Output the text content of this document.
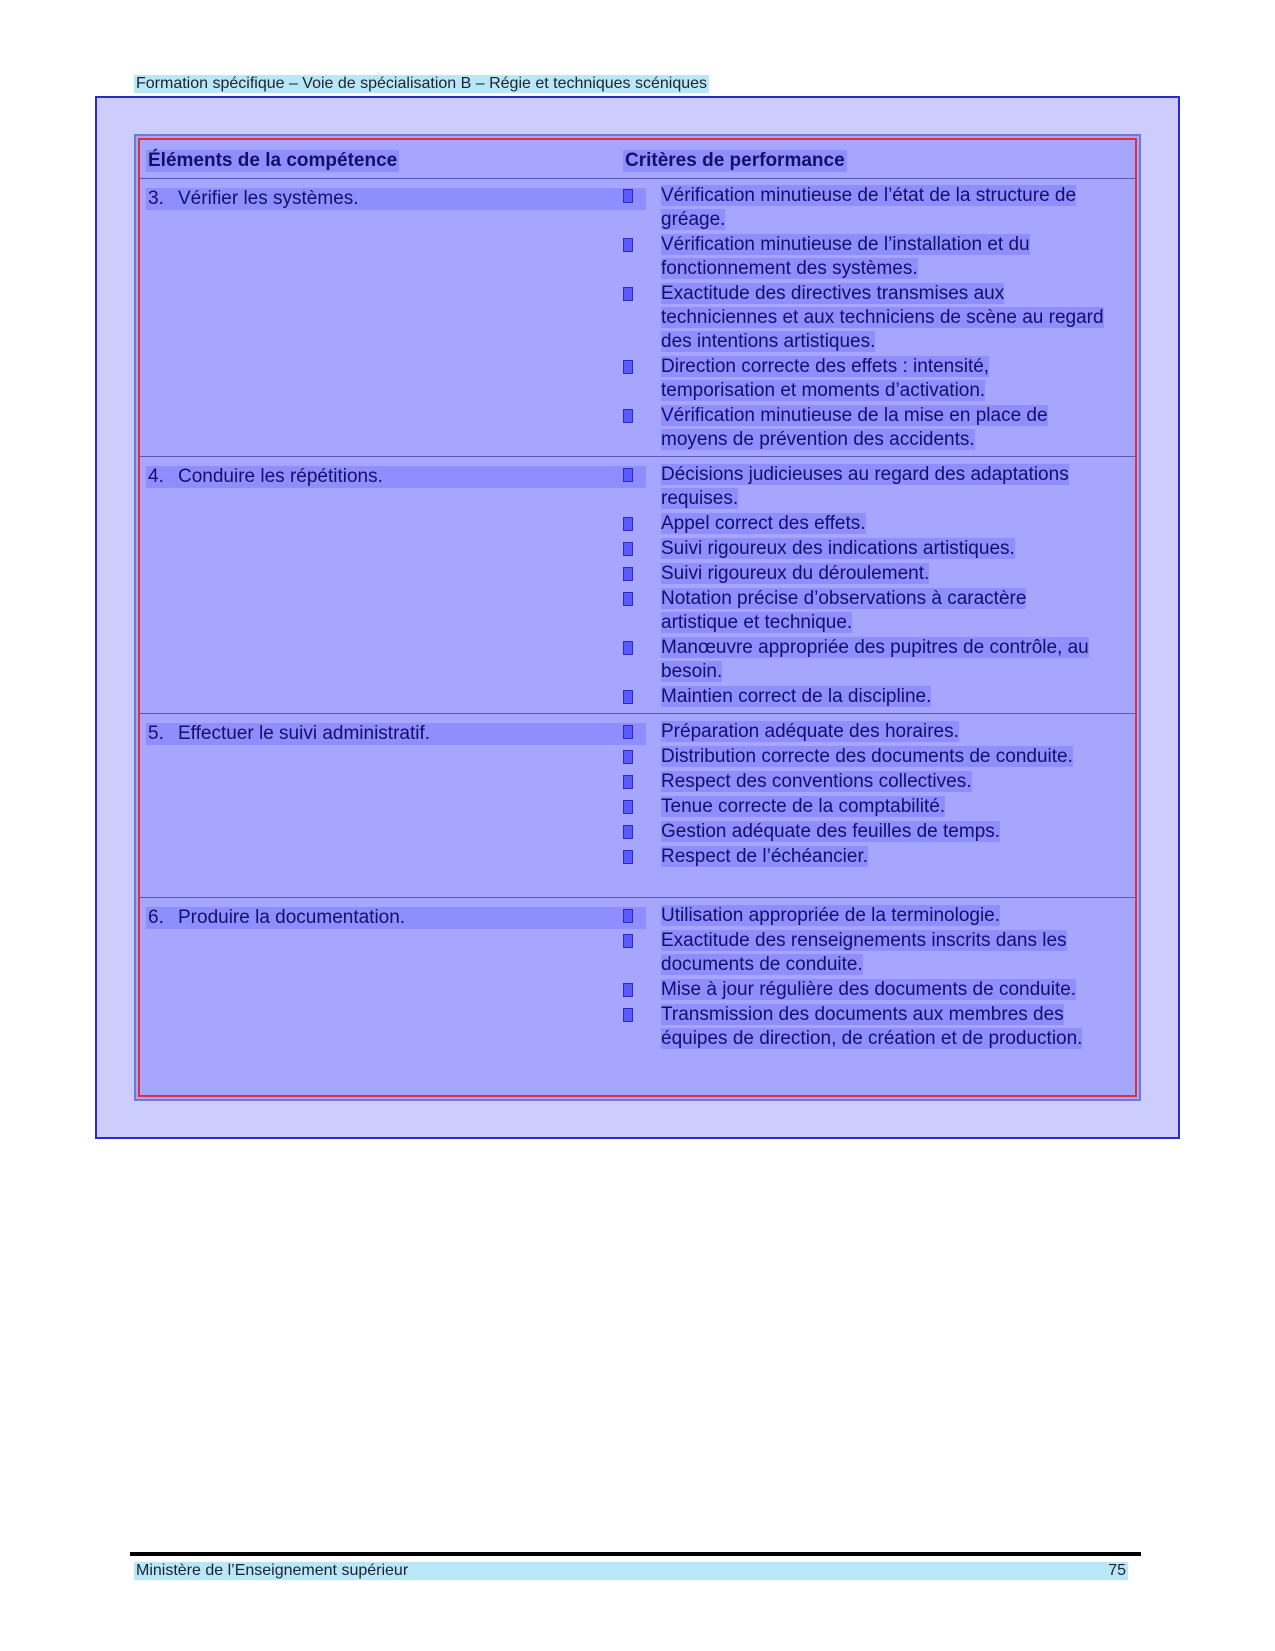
Formation spécifique – Voie de spécialisation B – Régie et techniques scéniques
Éléments de la compétence	Critères de performance
3. Vérifier les systèmes.	Vérification minutieuse de l’état de la structure de gréage.
Vérification minutieuse de l’installation et du fonctionnement des systèmes.
Exactitude des directives transmises aux techniciennes et aux techniciens de scène au regard des intentions artistiques.
Direction correcte des effets : intensité, temporisation et moments d’activation.
Vérification minutieuse de la mise en place de moyens de prévention des accidents.
4. Conduire les répétitions.	Décisions judicieuses au regard des adaptations requises.
Appel correct des effets.
Suivi rigoureux des indications artistiques.
Suivi rigoureux du déroulement.
Notation précise d’observations à caractère artistique et technique.
Manœuvre appropriée des pupitres de contrôle, au besoin.
Maintien correct de la discipline.
5. Effectuer le suivi administratif.	Préparation adéquate des horaires.
Distribution correcte des documents de conduite.
Respect des conventions collectives.
Tenue correcte de la comptabilité.
Gestion adéquate des feuilles de temps.
Respect de l’échéancier.
6. Produire la documentation.	Utilisation appropriée de la terminologie.
Exactitude des renseignements inscrits dans les documents de conduite.
Mise à jour régulière des documents de conduite.
Transmission des documents aux membres des équipes de direction, de création et de production.
Ministère de l’Enseignement supérieur	75
